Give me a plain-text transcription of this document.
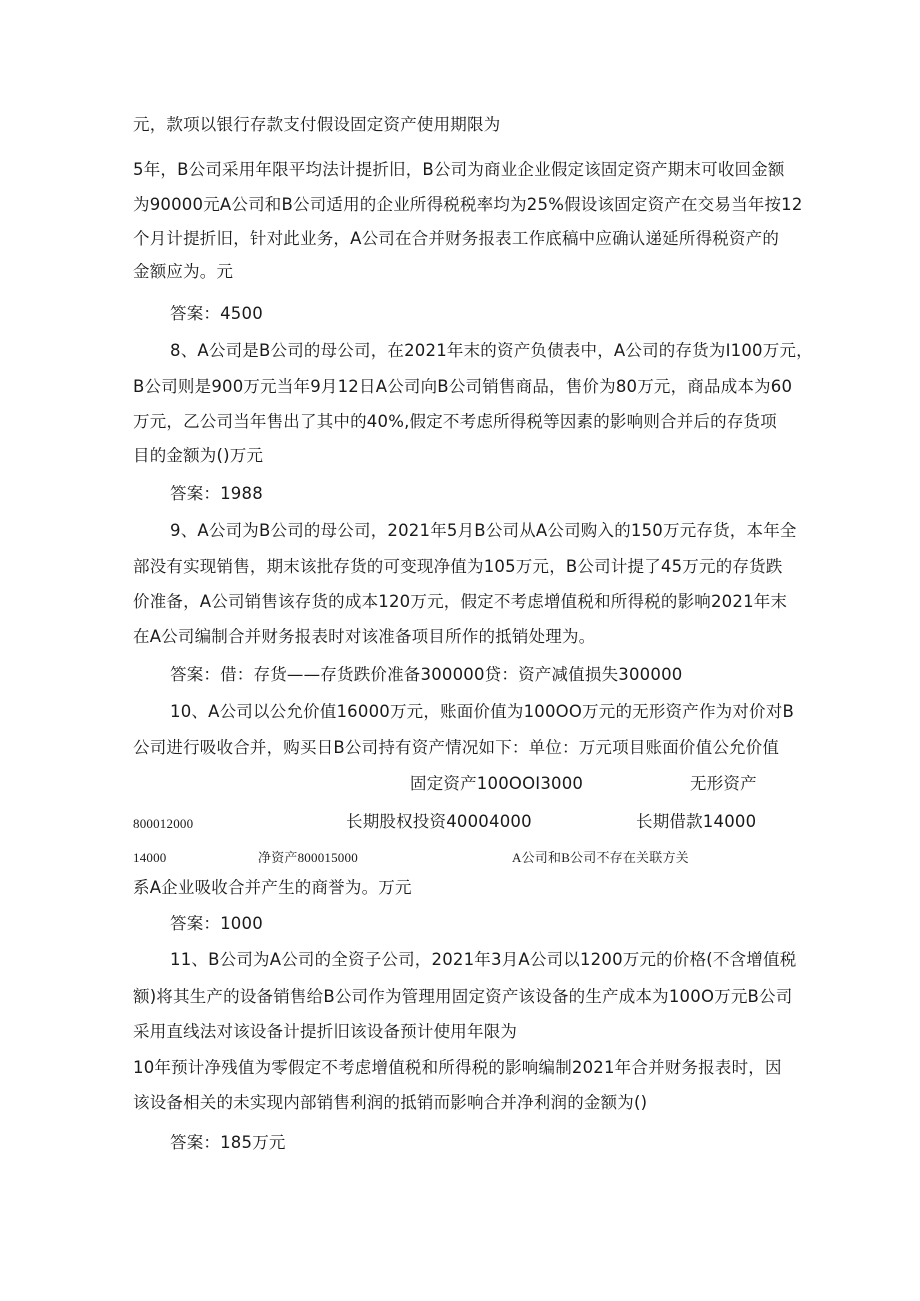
元，款项以银行存款支付假设固定资产使用期限为
5年，B公司采用年限平均法计提折旧，B公司为商业企业假定该固定资产期末可收回金额
为90000元A公司和B公司适用的企业所得税税率均为25%假设该固定资产在交易当年按12
个月计提折旧，针对此业务，A公司在合并财务报表工作底稿中应确认递延所得税资产的
金额应为。元
答案：4500
8、A公司是B公司的母公司，在2021年末的资产负债表中，A公司的存货为I100万元，
B公司则是900万元当年9月12日A公司向B公司销售商品，售价为80万元，商品成本为60
万元，乙公司当年售出了其中的40%,假定不考虑所得税等因素的影响则合并后的存货项
目的金额为()万元
答案：1988
9、A公司为B公司的母公司，2021年5月B公司从A公司购入的150万元存货，本年全
部没有实现销售，期末该批存货的可变现净值为105万元，B公司计提了45万元的存货跌
价准备，A公司销售该存货的成本120万元，假定不考虑增值税和所得税的影响2021年末
在A公司编制合并财务报表时对该准备项目所作的抵销处理为。
答案：借：存货——存货跌价准备300000贷：资产减值损失300000
10、A公司以公允价值16000万元，账面价值为100OO万元的无形资产作为对价对B
公司进行吸收合并，购买日B公司持有资产情况如下：单位：万元项目账面价值公允价值
固定资产100OOI3000	无形资产
800012000	长期股权投资40004000	长期借款14000
14000	净资产800015000	A公司和B公司不存在关联方关
系A企业吸收合并产生的商誉为。万元
答案：1000
11、B公司为A公司的全资子公司，2021年3月A公司以1200万元的价格(不含增值税
额)将其生产的设备销售给B公司作为管理用固定资产该设备的生产成本为100O万元B公司
采用直线法对该设备计提折旧该设备预计使用年限为
10年预计净残值为零假定不考虑增值税和所得税的影响编制2021年合并财务报表时，因
该设备相关的未实现内部销售利润的抵销而影响合并净利润的金额为()
答案：185万元
